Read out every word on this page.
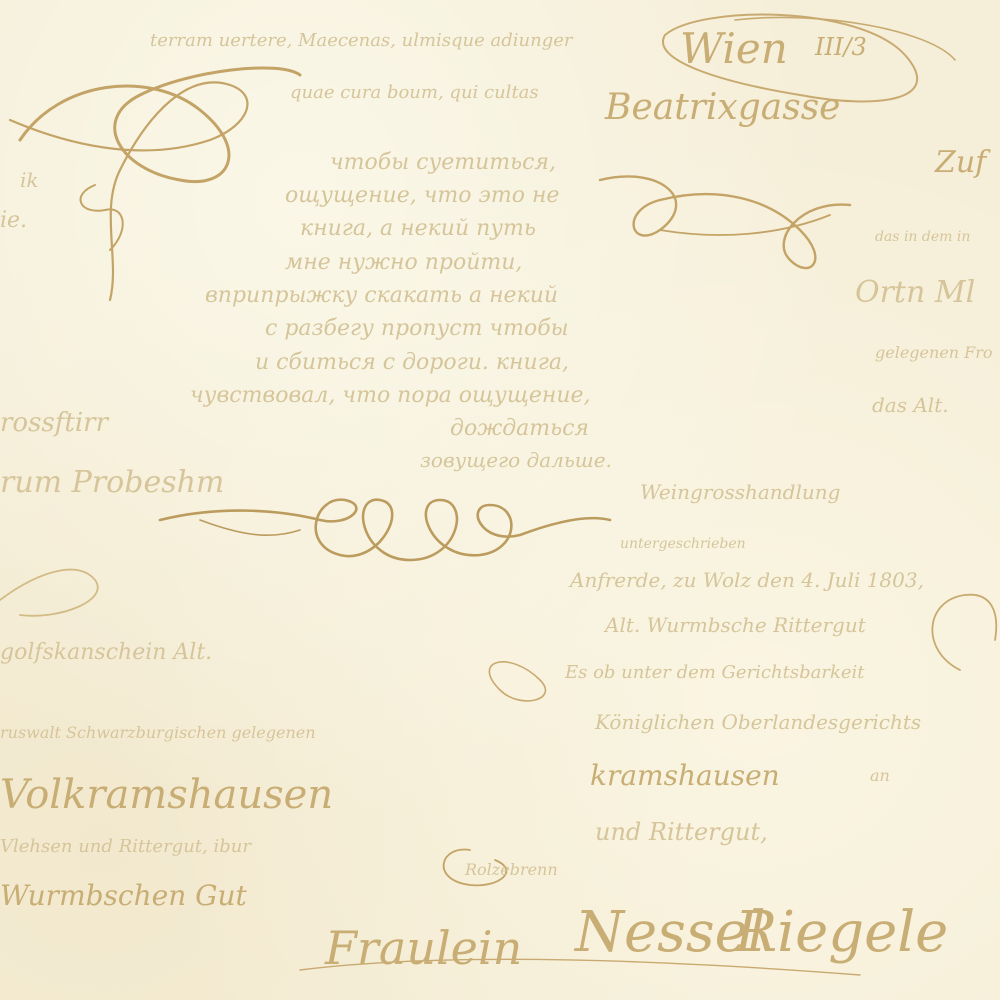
terram uertere, Maecenas, ulmisque adiunger
quae cura boum, qui cultas
Wien III/3
Beatrixgasse
чтобы суетиться,
ощущение, что это не
книга, а некий путь
мне нужно пройти,
вприпрыжку скакать а некий
с разбегу пропуст чтобы
и сбиться с дороги. книга,
чувствовал, что пора ощущение,
дождаться
зовущего дальше.
ik
ie.
rossftirr
rum Probeshm
golfskanschein Alt.
ruswalt Schwarzburgischen gelegenen
Volkramshausen
Vlehsen und Rittergut, ibur
Wurmbschen Gut
Zuf
das in dem in
Ortn Ml
gelegenen Fro
das Alt.
Weingrosshandlung
untergeschrieben
Anfrerde, zu Wolz den 4. Juli 1803,
Alt. Wurmbsche Rittergut
Es ob unter dem Gerichtsbarkeit
Königlichen Oberlandesgerichts
kramshausen	an
und Rittergut,
Rolzebrenn
Fraulein Nessel
Riegele
